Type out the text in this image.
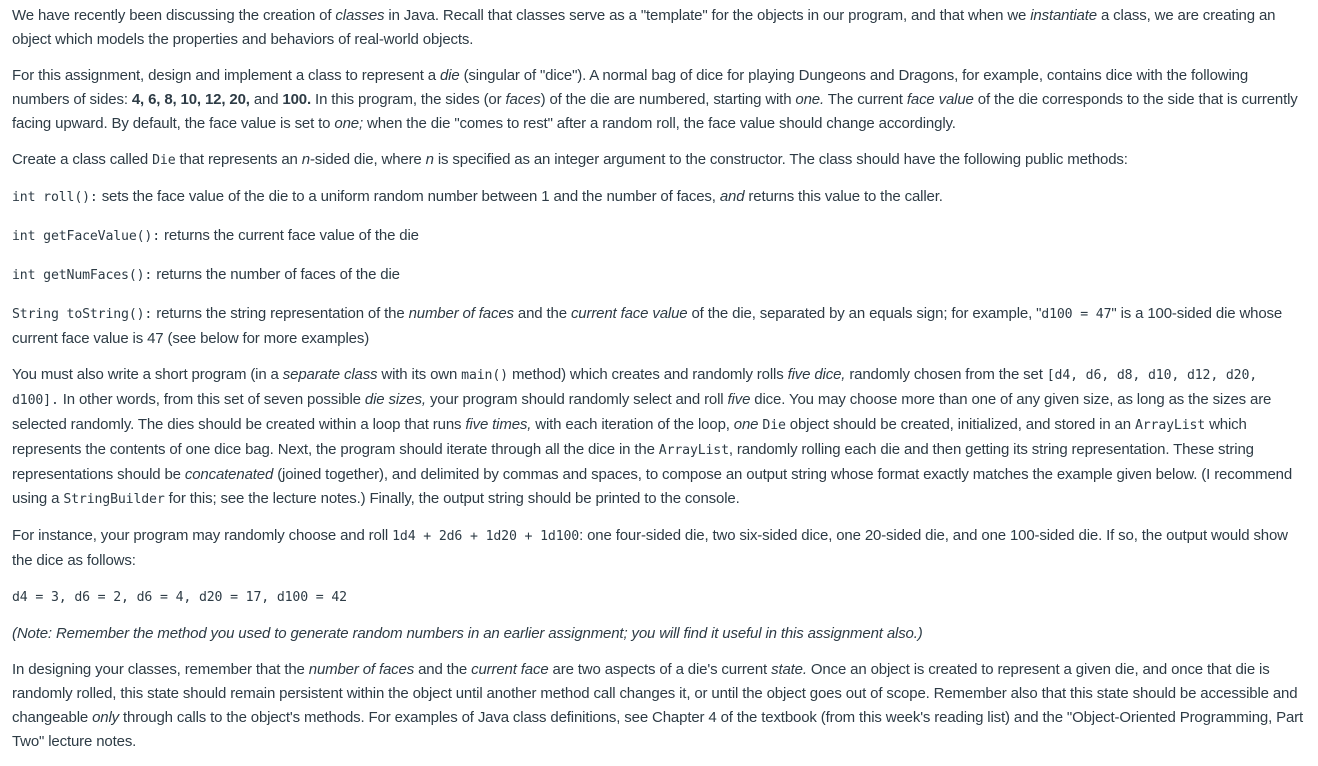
We have recently been discussing the creation of classes in Java. Recall that classes serve as a "template" for the objects in our program, and that when we instantiate a class, we are creating an object which models the properties and behaviors of real-world objects.

For this assignment, design and implement a class to represent a die (singular of "dice"). A normal bag of dice for playing Dungeons and Dragons, for example, contains dice with the following numbers of sides: 4, 6, 8, 10, 12, 20, and 100. In this program, the sides (or faces) of the die are numbered, starting with one. The current face value of the die corresponds to the side that is currently facing upward. By default, the face value is set to one; when the die "comes to rest" after a random roll, the face value should change accordingly.

Create a class called Die that represents an n-sided die, where n is specified as an integer argument to the constructor. The class should have the following public methods:

int roll(): sets the face value of the die to a uniform random number between 1 and the number of faces, and returns this value to the caller.

int getFaceValue(): returns the current face value of the die

int getNumFaces(): returns the number of faces of the die

String toString(): returns the string representation of the number of faces and the current face value of the die, separated by an equals sign; for example, "d100 = 47" is a 100-sided die whose current face value is 47 (see below for more examples)

You must also write a short program (in a separate class with its own main() method) which creates and randomly rolls five dice, randomly chosen from the set [d4, d6, d8, d10, d12, d20, d100]. In other words, from this set of seven possible die sizes, your program should randomly select and roll five dice. You may choose more than one of any given size, as long as the sizes are selected randomly. The dies should be created within a loop that runs five times, with each iteration of the loop, one Die object should be created, initialized, and stored in an ArrayList which represents the contents of one dice bag. Next, the program should iterate through all the dice in the ArrayList, randomly rolling each die and then getting its string representation. These string representations should be concatenated (joined together), and delimited by commas and spaces, to compose an output string whose format exactly matches the example given below. (I recommend using a StringBuilder for this; see the lecture notes.) Finally, the output string should be printed to the console.

For instance, your program may randomly choose and roll 1d4 + 2d6 + 1d20 + 1d100: one four-sided die, two six-sided dice, one 20-sided die, and one 100-sided die. If so, the output would show the dice as follows:

d4 = 3, d6 = 2, d6 = 4, d20 = 17, d100 = 42

(Note: Remember the method you used to generate random numbers in an earlier assignment; you will find it useful in this assignment also.)

In designing your classes, remember that the number of faces and the current face are two aspects of a die's current state. Once an object is created to represent a given die, and once that die is randomly rolled, this state should remain persistent within the object until another method call changes it, or until the object goes out of scope. Remember also that this state should be accessible and changeable only through calls to the object's methods. For examples of Java class definitions, see Chapter 4 of the textbook (from this week's reading list) and the "Object-Oriented Programming, Part Two" lecture notes.
